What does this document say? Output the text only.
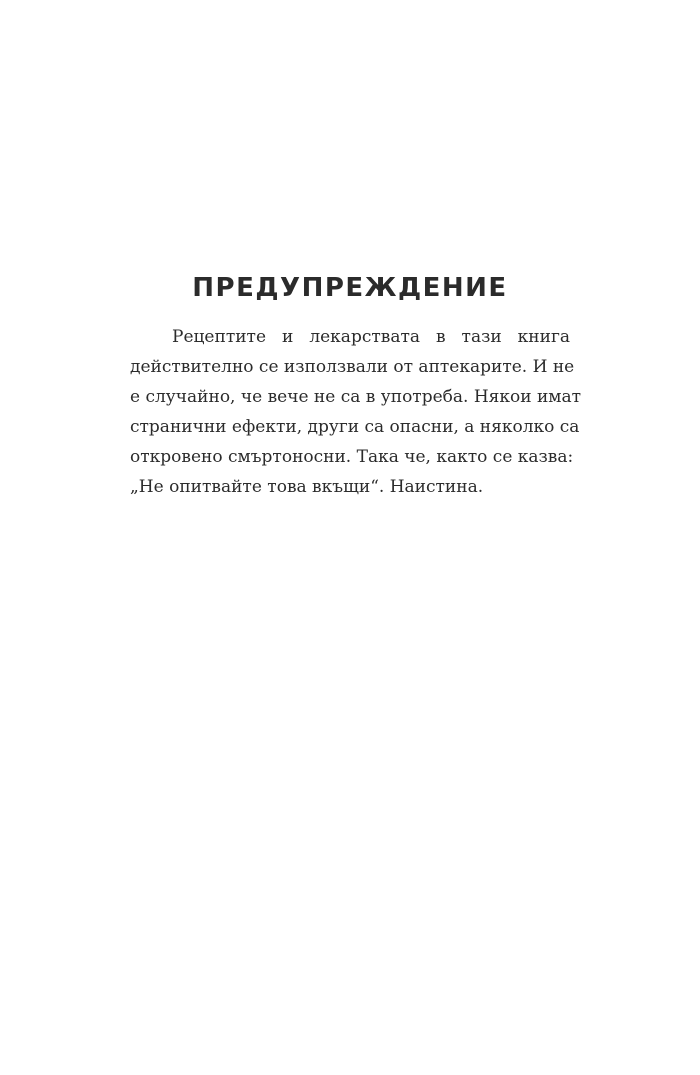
ПРЕДУПРЕЖДЕНИЕ
Рецептите и лекарствата в тази книга
действително се използвали от аптекарите. И не
е случайно, че вече не са в употреба. Някои имат
странични ефекти, други са опасни, а няколко са
откровено смъртоносни. Така че, както се казва:
„Не опитвайте това вкъщи“. Наистина.
